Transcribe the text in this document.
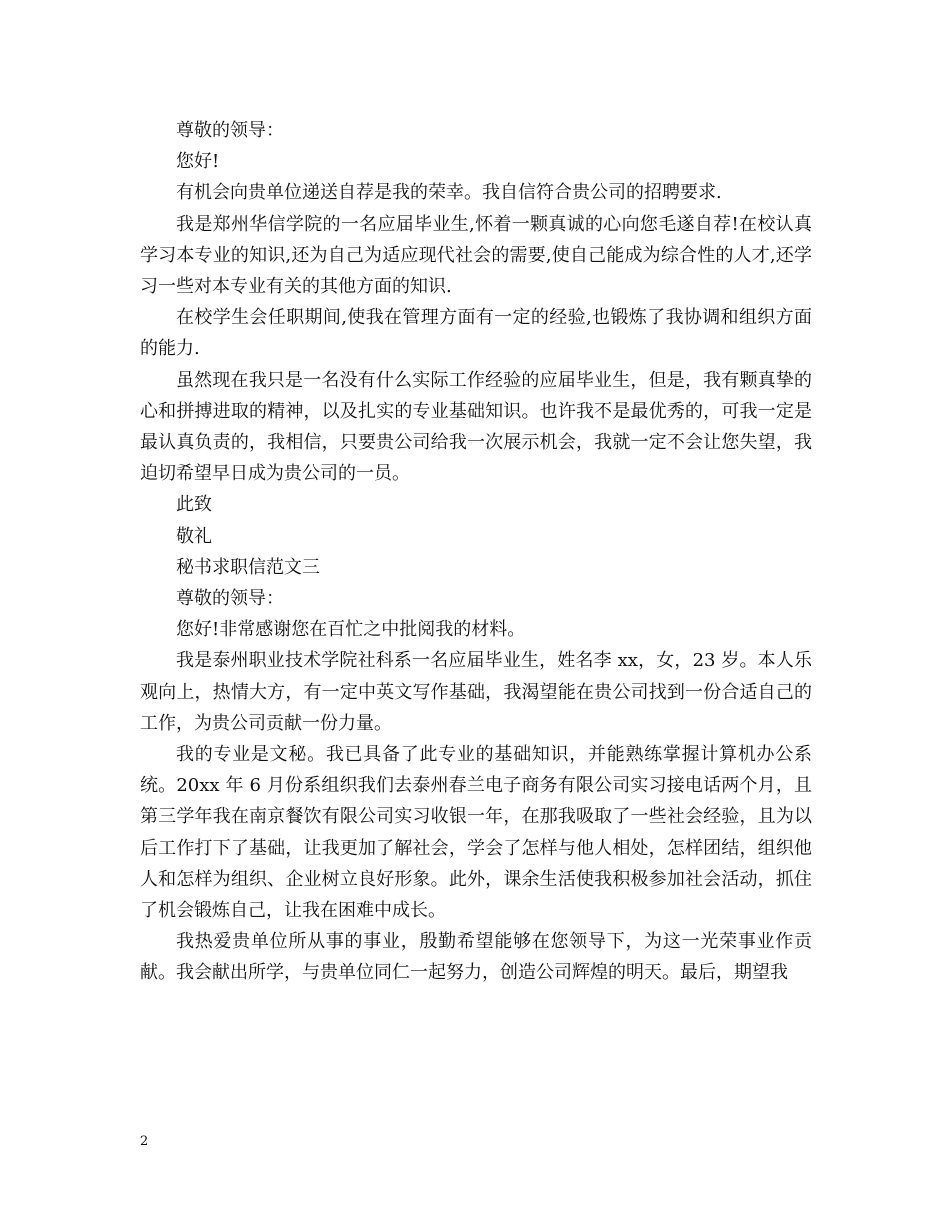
尊敬的领导：

您好!

有机会向贵单位递送自荐是我的荣幸。我自信符合贵公司的招聘要求.

我是郑州华信学院的一名应届毕业生,怀着一颗真诚的心向您毛遂自荐!在校认真学习本专业的知识,还为自己为适应现代社会的需要,使自己能成为综合性的人才,还学习一些对本专业有关的其他方面的知识.

在校学生会任职期间,使我在管理方面有一定的经验,也锻炼了我协调和组织方面的能力.

虽然现在我只是一名没有什么实际工作经验的应届毕业生，但是，我有颗真挚的心和拼搏进取的精神，以及扎实的专业基础知识。也许我不是最优秀的，可我一定是最认真负责的，我相信，只要贵公司给我一次展示机会，我就一定不会让您失望，我迫切希望早日成为贵公司的一员。

此致

敬礼

秘书求职信范文三

尊敬的领导：

您好!非常感谢您在百忙之中批阅我的材料。

我是泰州职业技术学院社科系一名应届毕业生，姓名李 xx，女，23 岁。本人乐观向上，热情大方，有一定中英文写作基础，我渴望能在贵公司找到一份合适自己的工作，为贵公司贡献一份力量。

我的专业是文秘。我已具备了此专业的基础知识，并能熟练掌握计算机办公系统。20xx 年 6 月份系组织我们去泰州春兰电子商务有限公司实习接电话两个月，且第三学年我在南京餐饮有限公司实习收银一年，在那我吸取了一些社会经验，且为以后工作打下了基础，让我更加了解社会，学会了怎样与他人相处，怎样团结，组织他人和怎样为组织、企业树立良好形象。此外，课余生活使我积极参加社会活动，抓住了机会锻炼自己，让我在困难中成长。

我热爱贵单位所从事的事业，殷勤希望能够在您领导下，为这一光荣事业作贡献。我会献出所学，与贵单位同仁一起努力，创造公司辉煌的明天。最后，期望我

2
